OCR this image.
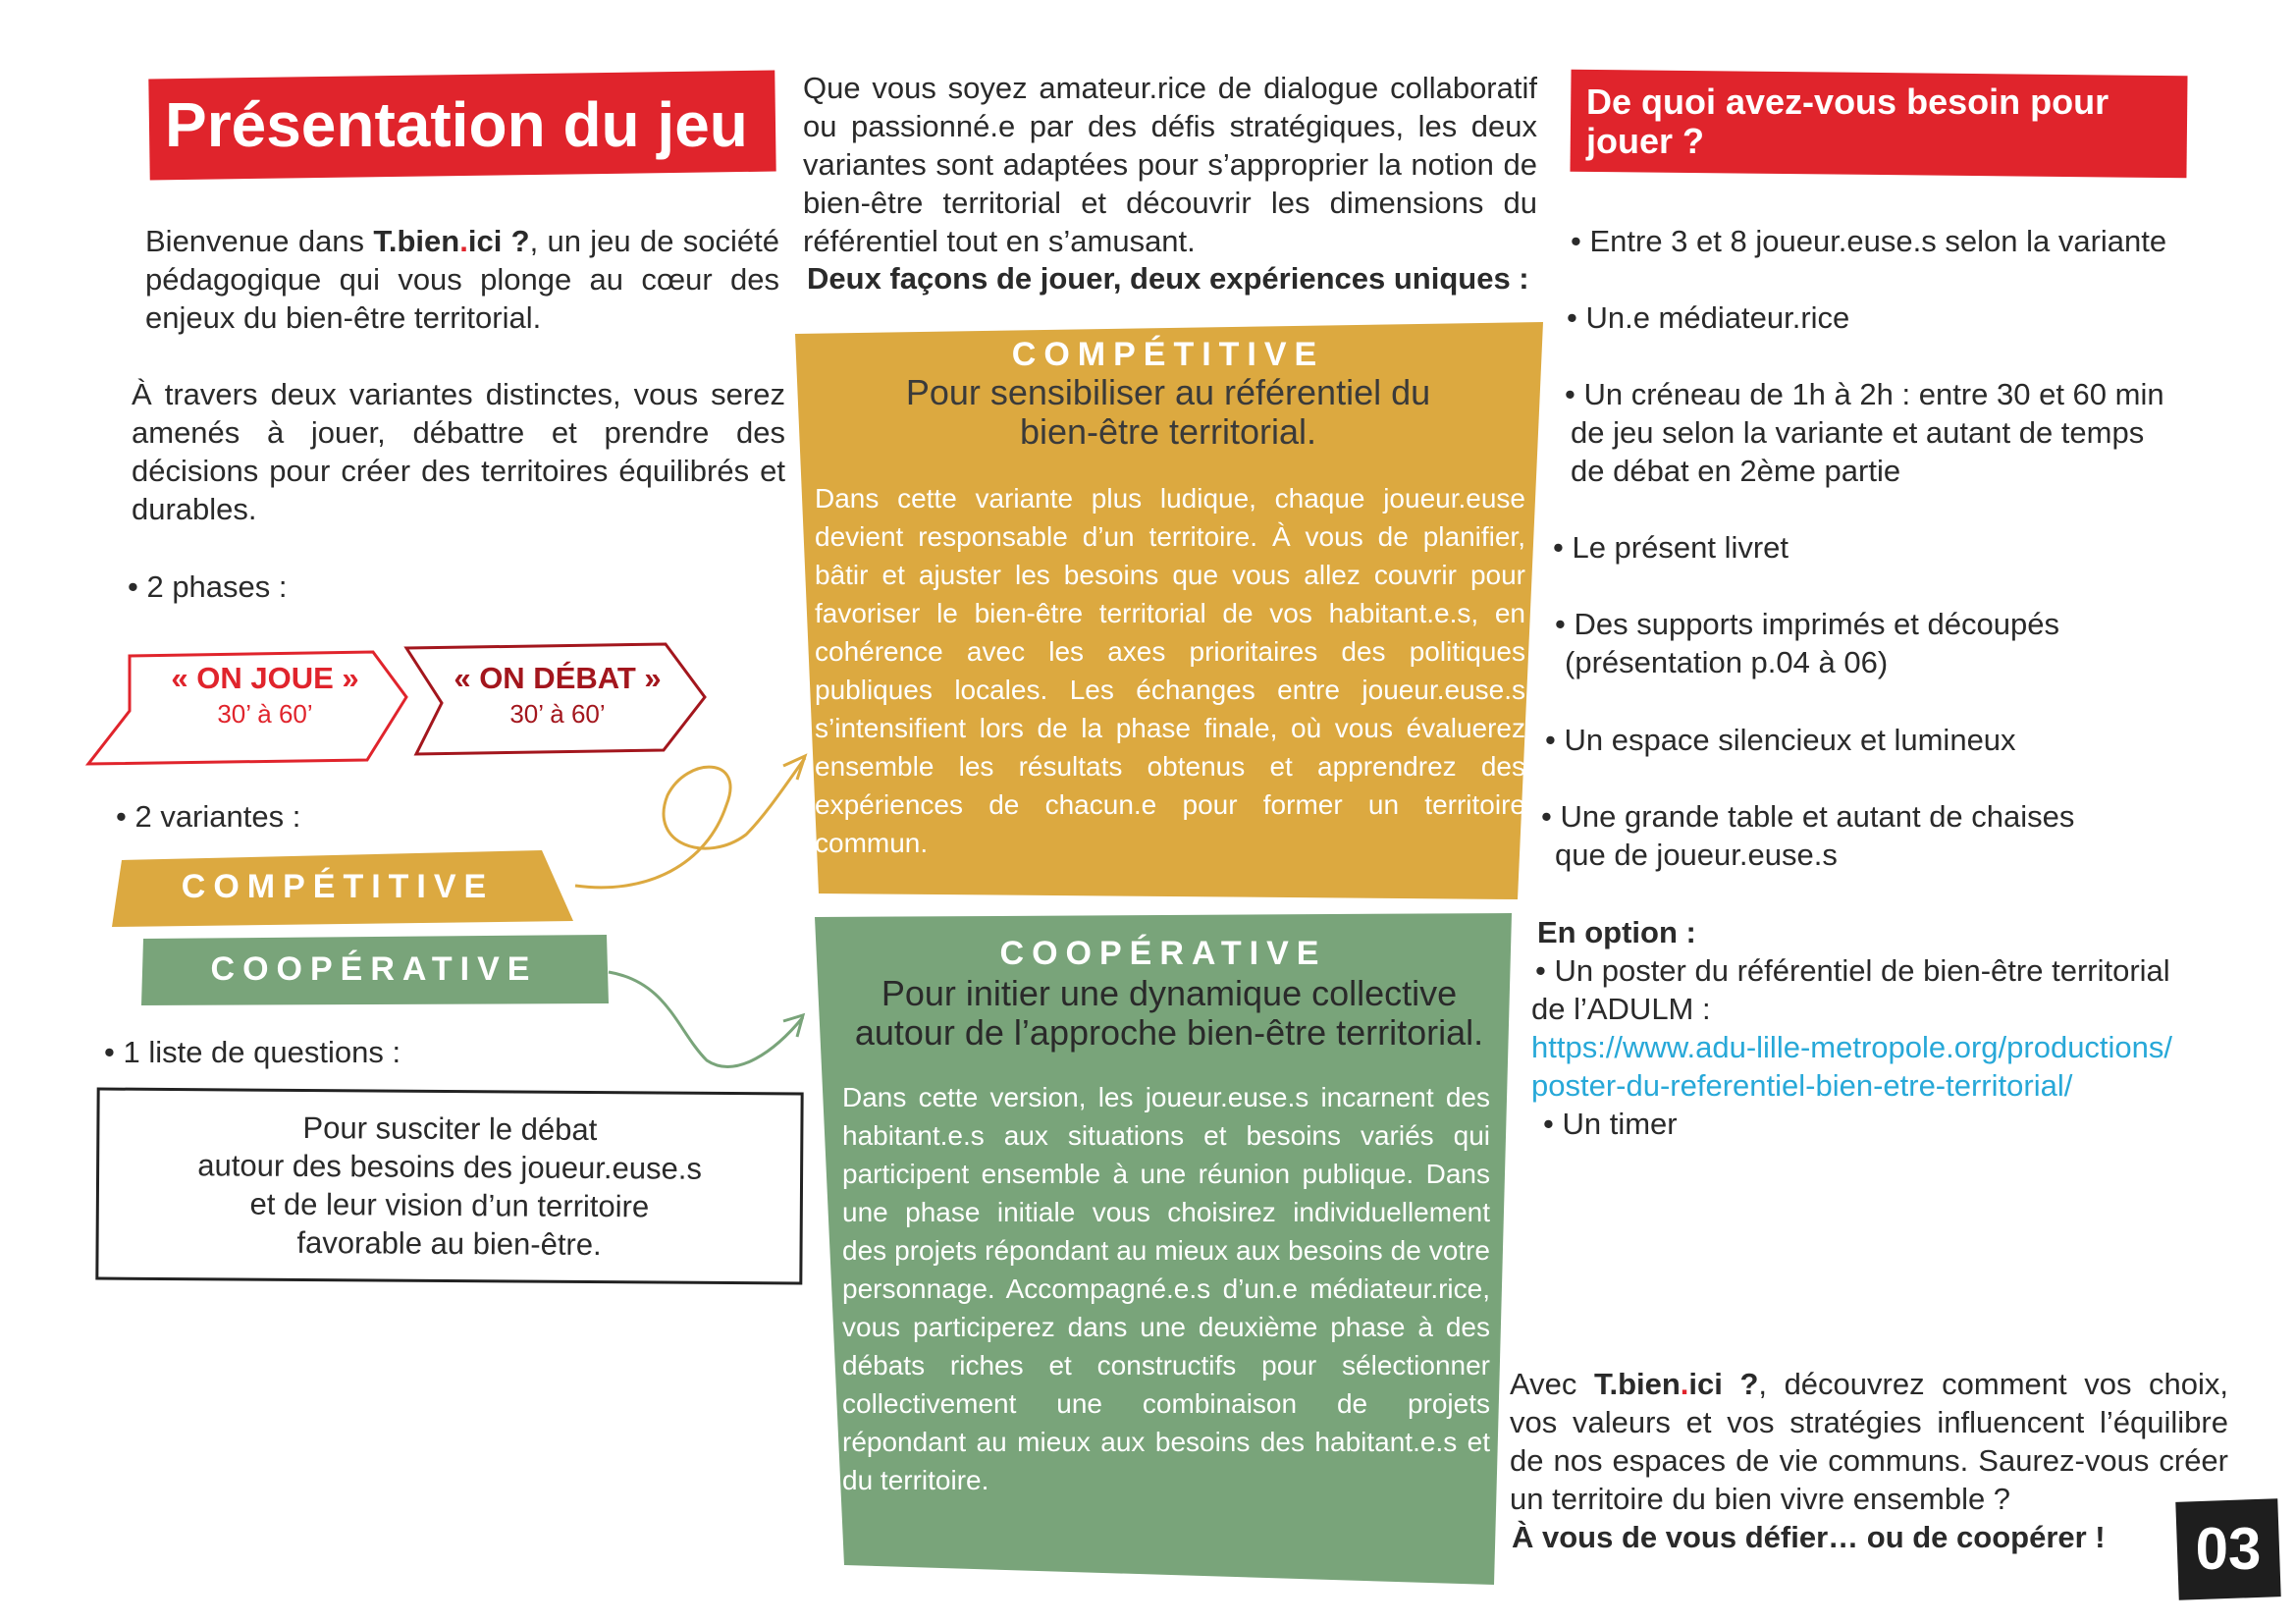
Présentation du jeu
Bienvenue dans T.bien.ici ?, un jeu de société pédagogique qui vous plonge au cœur des enjeux du bien-être territorial.
À travers deux variantes distinctes, vous serez amenés à jouer, débattre et prendre des décisions pour créer des territoires équilibrés et durables.
• 2 phases :
« ON JOUE »
30’ à 60’
« ON DÉBAT »
30’ à 60’
• 2 variantes :
COMPÉTITIVE
COOPÉRATIVE
• 1 liste de questions :
Pour susciter le débat
autour des besoins des joueur.euse.s
et de leur vision d’un territoire
favorable au bien-être.
Que vous soyez amateur.rice de dialogue collaboratif ou passionné.e par des défis stratégiques, les deux variantes sont adaptées pour s’approprier la notion de bien-être territorial et découvrir les dimensions du référentiel tout en s’amusant.
Deux façons de jouer, deux expériences uniques :
COMPÉTITIVE
Pour sensibiliser au référentiel du bien-être territorial.
Dans cette variante plus ludique, chaque joueur.euse devient responsable d’un territoire. À vous de planifier, bâtir et ajuster les besoins que vous allez couvrir pour favoriser le bien-être territorial de vos habitant.e.s, en cohérence avec les axes prioritaires des politiques publiques locales. Les échanges entre joueur.euse.s s’intensifient lors de la phase finale, où vous évaluerez ensemble les résultats obtenus et apprendrez des expériences de chacun.e pour former un territoire commun.
COOPÉRATIVE
Pour initier une dynamique collective autour de l’approche bien-être territorial.
Dans cette version, les joueur.euse.s incarnent des habitant.e.s aux situations et besoins variés qui participent ensemble à une réunion publique. Dans une phase initiale vous choisirez individuellement des projets répondant au mieux aux besoins de votre personnage. Accompagné.e.s d’un.e médiateur.rice, vous participerez dans une deuxième phase à des débats riches et constructifs pour sélectionner collectivement une combinaison de projets répondant au mieux aux besoins des habitant.e.s et du territoire.
De quoi avez-vous besoin pour jouer ?
• Entre 3 et 8 joueur.euse.s selon la variante
• Un.e médiateur.rice
• Un créneau de 1h à 2h : entre 30 et 60 min
de jeu selon la variante et autant de temps
de débat en 2ème partie
• Le présent livret
• Des supports imprimés et découpés
(présentation p.04 à 06)
• Un espace silencieux et lumineux
• Une grande table et autant de chaises
que de joueur.euse.s
En option :
• Un poster du référentiel de bien-être territorial
de l’ADULM :
https://www.adu-lille-metropole.org/productions/
poster-du-referentiel-bien-etre-territorial/
• Un timer
Avec T.bien.ici ?, découvrez comment vos choix, vos valeurs et vos stratégies influencent l’équilibre de nos espaces de vie communs. Saurez-vous créer un territoire du bien vivre ensemble ?
À vous de vous défier… ou de coopérer !	03
